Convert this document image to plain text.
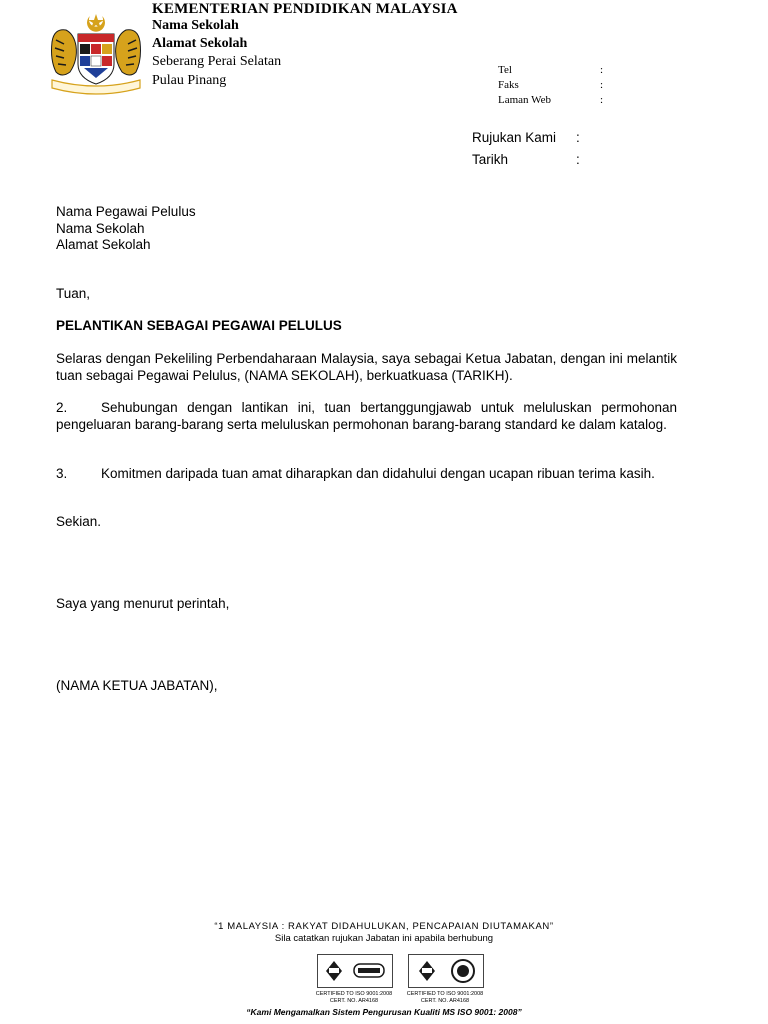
KEMENTERIAN PENDIDIKAN MALAYSIA
Nama Sekolah
Alamat Sekolah
Seberang Perai Selatan
Pulau Pinang
Tel	:
Faks	:
Laman Web	:
Rujukan Kami :
Tarikh	:
Nama Pegawai Pelulus
Nama Sekolah
Alamat Sekolah
Tuan,
PELANTIKAN SEBAGAI PEGAWAI PELULUS
Selaras dengan Pekeliling Perbendaharaan Malaysia, saya sebagai Ketua Jabatan, dengan ini melantik tuan sebagai Pegawai Pelulus, (NAMA SEKOLAH), berkuatkuasa (TARIKH).
2.	Sehubungan dengan lantikan ini, tuan bertanggungjawab untuk meluluskan permohonan
pengeluaran barang-barang serta meluluskan permohonan barang-barang standard ke dalam katalog.
3.	Komitmen daripada tuan amat diharapkan dan didahului dengan ucapan ribuan terima kasih.
Sekian.
Saya yang menurut perintah,
(NAMA KETUA JABATAN),
“1 MALAYSIA : RAKYAT DIDAHULUKAN, PENCAPAIAN DIUTAMAKAN”
Sila catatkan rujukan Jabatan ini apabila berhubung
CERTIFIED TO ISO 9001:2008
CERT. NO. AR4168
CERTIFIED TO ISO 9001:2008
CERT. NO. AR4168
“Kami Mengamalkan Sistem Pengurusan Kualiti MS ISO 9001: 2008”
